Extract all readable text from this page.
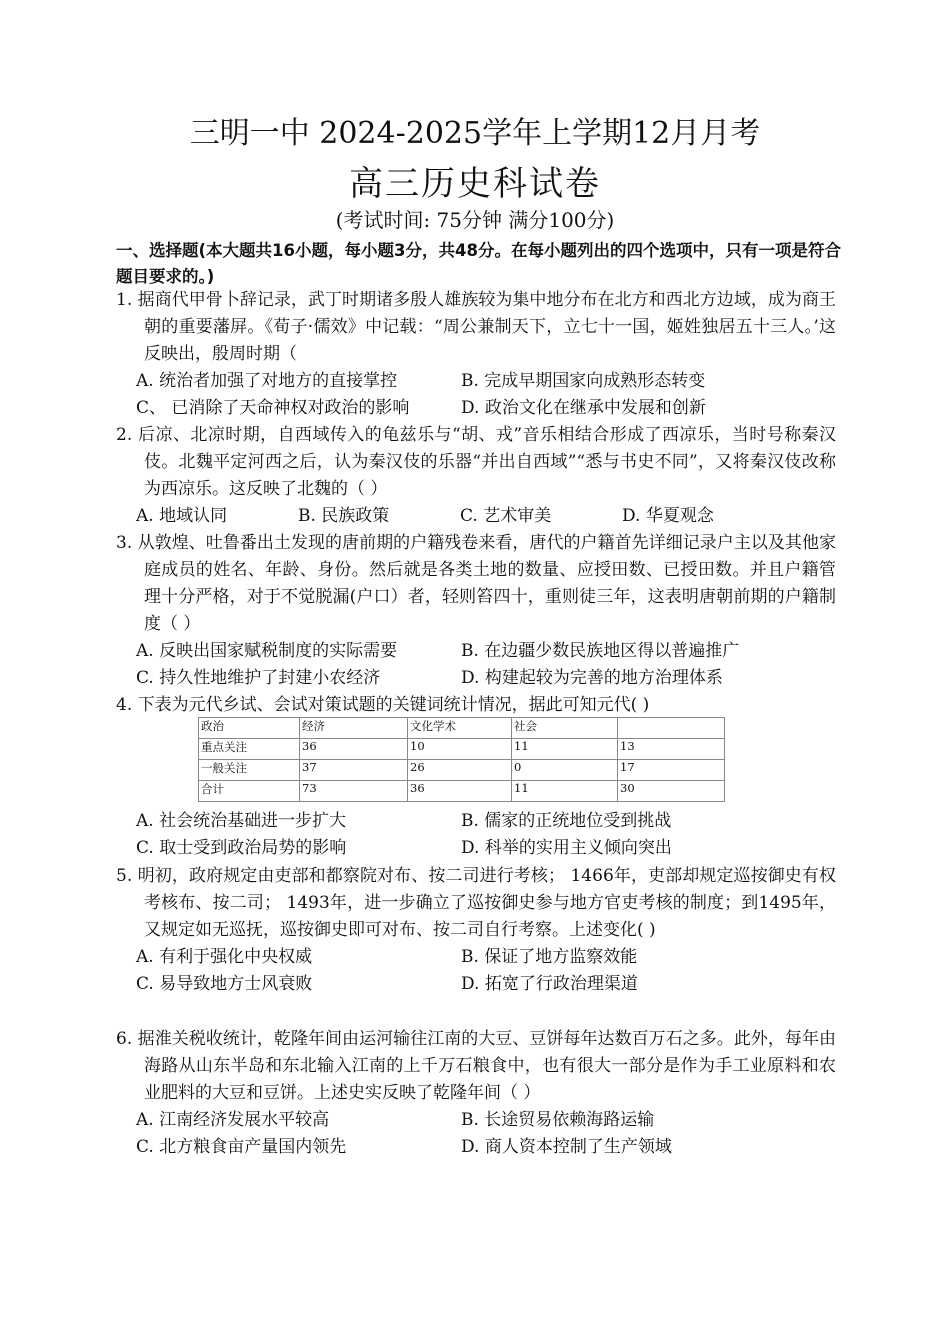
三明一中 2024-2025学年上学期12月月考
高三历史科试卷
(考试时间: 75分钟 满分100分)
一、选择题(本大题共16小题，每小题3分，共48分。在每小题列出的四个选项中，只有一项是符合题目要求的。)
1. 据商代甲骨卜辞记录，武丁时期诸多殷人雄族较为集中地分布在北方和西北方边域，成为商王朝的重要藩屏。《荀子·儒效》中记载：“周公兼制天下，立七十一国，姬姓独居五十三人。’这反映出，殷周时期（
A. 统治者加强了对地方的直接掌控	B. 完成早期国家向成熟形态转变
C、 已消除了天命神权对政治的影响	D. 政治文化在继承中发展和创新
2. 后凉、北凉时期，自西域传入的龟兹乐与“胡、戎”音乐相结合形成了西凉乐，当时号称秦汉伎。北魏平定河西之后，认为秦汉伎的乐器“并出自西域”“悉与书史不同”，又将秦汉伎改称为西凉乐。这反映了北魏的（ ）
A. 地域认同	B. 民族政策	C. 艺术审美	D. 华夏观念
3. 从敦煌、吐鲁番出土发现的唐前期的户籍残卷来看，唐代的户籍首先详细记录户主以及其他家庭成员的姓名、年龄、身份。然后就是各类土地的数量、应授田数、已授田数。并且户籍管理十分严格，对于不觉脱漏(户口）者，轻则笞四十，重则徒三年，这表明唐朝前期的户籍制度（ ）
A. 反映出国家赋税制度的实际需要	B. 在边疆少数民族地区得以普遍推广
C. 持久性地维护了封建小农经济	D. 构建起较为完善的地方治理体系
4. 下表为元代乡试、会试对策试题的关键词统计情况，据此可知元代( )
政治	经济	文化学术	社会	
重点关注	36	10	11	13
一般关注	37	26	0	17
合计	73	36	11	30
A. 社会统治基础进一步扩大	B. 儒家的正统地位受到挑战
C. 取士受到政治局势的影响	D. 科举的实用主义倾向突出
5. 明初，政府规定由吏部和都察院对布、按二司进行考核； 1466年，吏部却规定巡按御史有权考核布、按二司； 1493年，进一步确立了巡按御史参与地方官吏考核的制度；到1495年，又规定如无巡抚，巡按御史即可对布、按二司自行考察。上述变化( )
A. 有利于强化中央权威	B. 保证了地方监察效能
C. 易导致地方士风衰败	D. 拓宽了行政治理渠道
6. 据淮关税收统计，乾隆年间由运河输往江南的大豆、豆饼每年达数百万石之多。此外，每年由海路从山东半岛和东北输入江南的上千万石粮食中，也有很大一部分是作为手工业原料和农业肥料的大豆和豆饼。上述史实反映了乾隆年间（ ）
A. 江南经济发展水平较高	B. 长途贸易依赖海路运输
C. 北方粮食亩产量国内领先	D. 商人资本控制了生产领域
